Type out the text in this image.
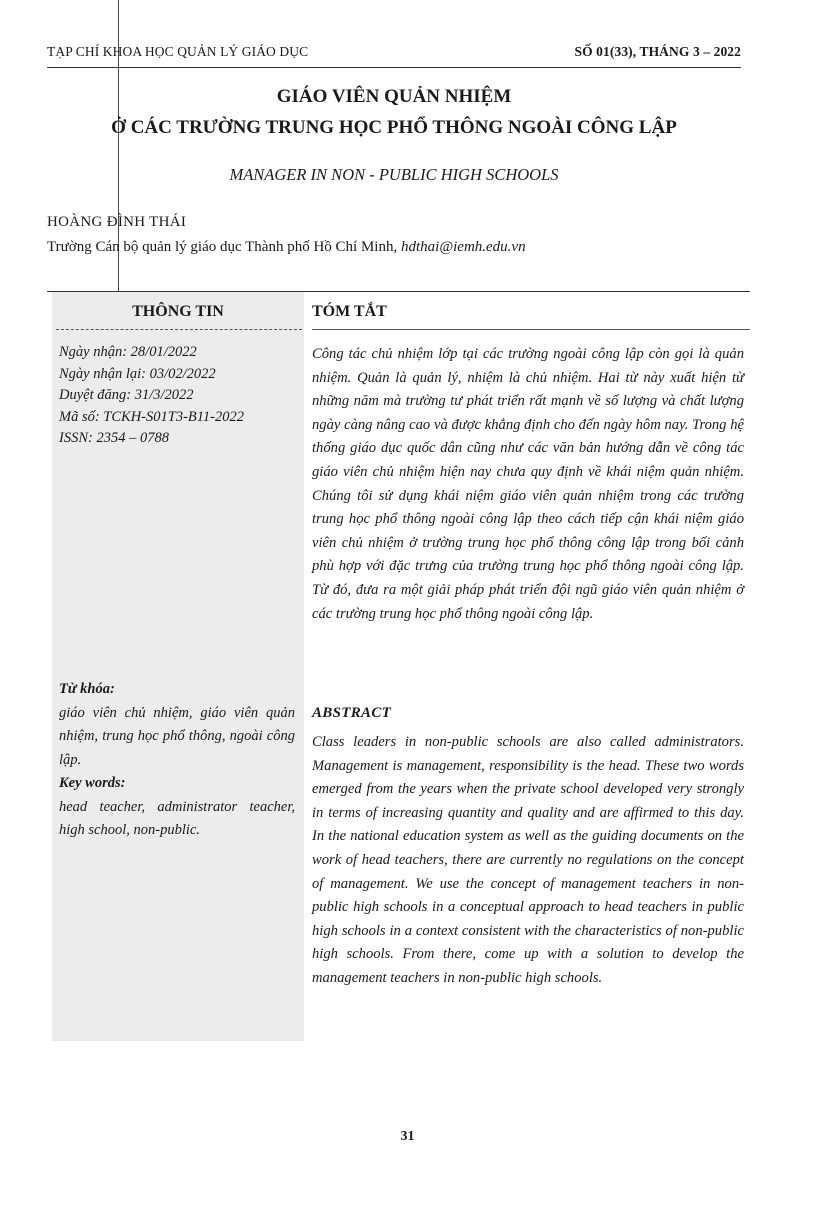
TẠP CHÍ KHOA HỌC QUẢN LÝ GIÁO DỤC	SỐ 01(33), THÁNG 3 – 2022
GIÁO VIÊN QUẢN NHIỆM
Ở CÁC TRƯỜNG TRUNG HỌC PHỔ THÔNG NGOÀI CÔNG LẬP
MANAGER IN NON - PUBLIC HIGH SCHOOLS
HOÀNG ĐÌNH THÁI
Trường Cán bộ quản lý giáo dục Thành phố Hồ Chí Minh, hdthai@iemh.edu.vn
THÔNG TIN	TÓM TẮT
Ngày nhận: 28/01/2022
Ngày nhận lại: 03/02/2022
Duyệt đăng: 31/3/2022
Mã số: TCKH-S01T3-B11-2022
ISSN: 2354 – 0788
Từ khóa:
giáo viên chủ nhiệm, giáo viên quản nhiệm, trung học phổ thông, ngoài công lập.
Key words:
head teacher, administrator teacher, high school, non-public.
Công tác chủ nhiệm lớp tại các trường ngoài công lập còn gọi là quản nhiệm. Quản là quản lý, nhiệm là chủ nhiệm. Hai từ này xuất hiện từ những năm mà trường tư phát triển rất mạnh về số lượng và chất lượng ngày càng nâng cao và được khẳng định cho đến ngày hôm nay. Trong hệ thống giáo dục quốc dân cũng như các văn bản hướng dẫn về công tác giáo viên chủ nhiệm hiện nay chưa quy định về khái niệm quản nhiệm. Chúng tôi sử dụng khái niệm giáo viên quản nhiệm trong các trường trung học phổ thông ngoài công lập theo cách tiếp cận khái niệm giáo viên chủ nhiệm ở trường trung học phổ thông công lập trong bối cảnh phù hợp với đặc trưng của trường trung học phổ thông ngoài công lập. Từ đó, đưa ra một giải pháp phát triển đội ngũ giáo viên quản nhiệm ở các trường trung học phổ thông ngoài công lập.
ABSTRACT
Class leaders in non-public schools are also called administrators. Management is management, responsibility is the head. These two words emerged from the years when the private school developed very strongly in terms of increasing quantity and quality and are affirmed to this day. In the national education system as well as the guiding documents on the work of head teachers, there are currently no regulations on the concept of management. We use the concept of management teachers in non-public high schools in a conceptual approach to head teachers in public high schools in a context consistent with the characteristics of non-public high schools. From there, come up with a solution to develop the management teachers in non-public high schools.
31
